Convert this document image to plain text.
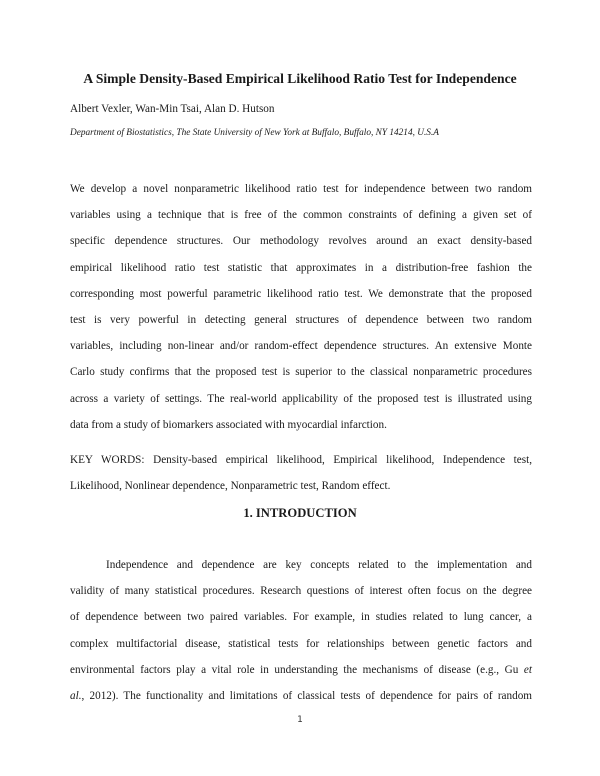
A Simple Density-Based Empirical Likelihood Ratio Test for Independence

Albert Vexler, Wan-Min Tsai, Alan D. Hutson

Department of Biostatistics, The State University of New York at Buffalo, Buffalo, NY 14214, U.S.A

We develop a novel nonparametric likelihood ratio test for independence between two random
variables using a technique that is free of the common constraints of defining a given set of
specific dependence structures. Our methodology revolves around an exact density-based
empirical likelihood ratio test statistic that approximates in a distribution-free fashion the
corresponding most powerful parametric likelihood ratio test. We demonstrate that the proposed
test is very powerful in detecting general structures of dependence between two random
variables, including non-linear and/or random-effect dependence structures. An extensive Monte
Carlo study confirms that the proposed test is superior to the classical nonparametric procedures
across a variety of settings. The real-world applicability of the proposed test is illustrated using
data from a study of biomarkers associated with myocardial infarction.
KEY WORDS: Density-based empirical likelihood, Empirical likelihood, Independence test,
Likelihood, Nonlinear dependence, Nonparametric test, Random effect.
1. INTRODUCTION
Independence and dependence are key concepts related to the implementation and
validity of many statistical procedures. Research questions of interest often focus on the degree
of dependence between two paired variables. For example, in studies related to lung cancer, a
complex multifactorial disease, statistical tests for relationships between genetic factors and
environmental factors play a vital role in understanding the mechanisms of disease (e.g., Gu et
al., 2012). The functionality and limitations of classical tests of dependence for pairs of random
1
